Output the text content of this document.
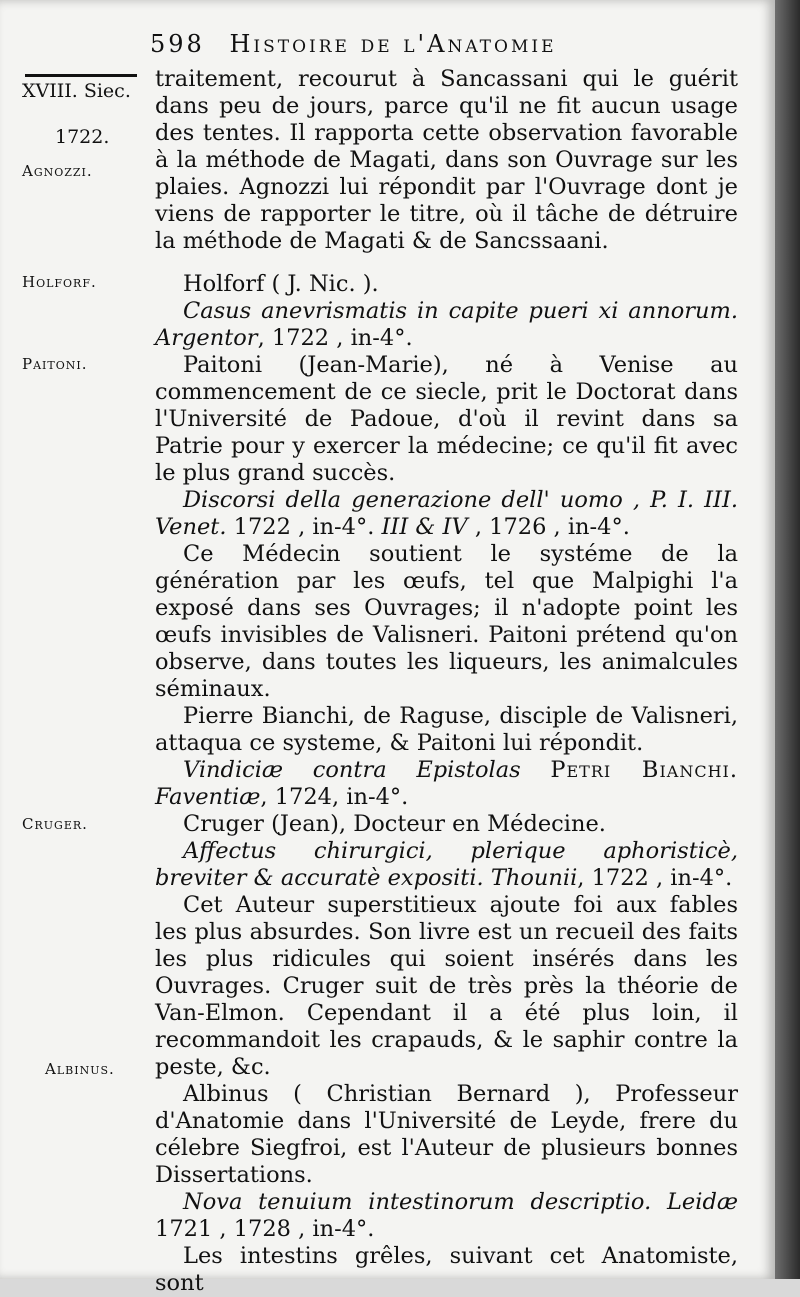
598 Histoire de l'Anatomie
XVIII. Siec.
1722.
Agnozzi.
Holforf.
Paitoni.
Cruger.
Albinus.

traitement, recourut à Sancassani qui le guérit dans peu de jours, parce qu'il ne fit aucun usage des tentes. Il rapporta cette observation favorable à la méthode de Magati, dans son Ouvrage sur les plaies. Agnozzi lui répondit par l'Ouvrage dont je viens de rapporter le titre, où il tâche de détruire la méthode de Magati & de Sancssaani.

Holforf ( J. Nic. ).

Casus anevrismatis in capite pueri xi annorum. Argentor, 1722 , in-4°.

Paitoni (Jean-Marie), né à Venise au commencement de ce siecle, prit le Doctorat dans l'Université de Padoue, d'où il revint dans sa Patrie pour y exercer la médecine; ce qu'il fit avec le plus grand succès.

Discorsi della generazione dell' uomo , P. I. III. Venet. 1722 , in-4°. III & IV , 1726 , in-4°.

Ce Médecin soutient le systéme de la génération par les œufs, tel que Malpighi l'a exposé dans ses Ouvrages; il n'adopte point les œufs invisibles de Valisneri. Paitoni prétend qu'on observe, dans toutes les liqueurs, les animalcules séminaux.

Pierre Bianchi, de Raguse, disciple de Valisneri, attaqua ce systeme, & Paitoni lui répondit.

Vindiciæ contra Epistolas Petri Bianchi. Faventiæ, 1724, in-4°.

Cruger (Jean), Docteur en Médecine.

Affectus chirurgici, plerique aphoristicè, breviter & accuratè expositi. Thounii, 1722 , in-4°.

Cet Auteur superstitieux ajoute foi aux fables les plus absurdes. Son livre est un recueil des faits les plus ridicules qui soient insérés dans les Ouvrages. Cruger suit de très près la théorie de Van-Elmon. Cependant il a été plus loin, il recommandoit les crapauds, & le saphir contre la peste, &c.

Albinus ( Christian Bernard ), Professeur d'Anatomie dans l'Université de Leyde, frere du célebre Siegfroi, est l'Auteur de plusieurs bonnes Dissertations.

Nova tenuium intestinorum descriptio. Leidæ 1721 , 1728 , in-4°.

Les intestins grêles, suivant cet Anatomiste, sont
